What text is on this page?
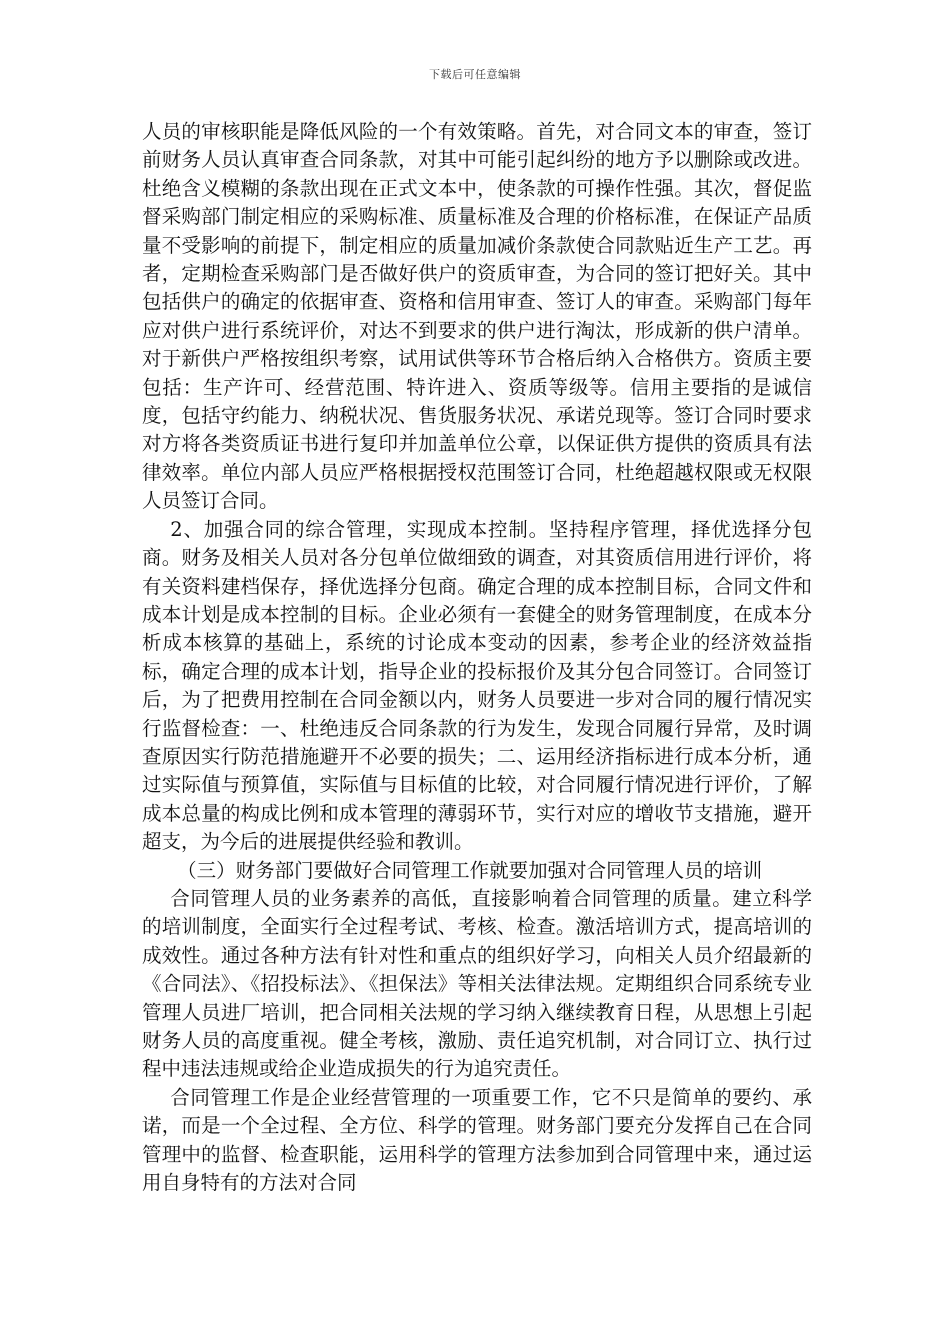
下载后可任意编辑

人员的审核职能是降低风险的一个有效策略。首先，对合同文本的审查，签订前财务人员认真审查合同条款，对其中可能引起纠纷的地方予以删除或改进。杜绝含义模糊的条款出现在正式文本中，使条款的可操作性强。其次，督促监督采购部门制定相应的采购标准、质量标准及合理的价格标准，在保证产品质量不受影响的前提下，制定相应的质量加减价条款使合同款贴近生产工艺。再者，定期检查采购部门是否做好供户的资质审查，为合同的签订把好关。其中包括供户的确定的依据审查、资格和信用审查、签订人的审查。采购部门每年应对供户进行系统评价，对达不到要求的供户进行淘汰，形成新的供户清单。对于新供户严格按组织考察，试用试供等环节合格后纳入合格供方。资质主要包括：生产许可、经营范围、特许进入、资质等级等。信用主要指的是诚信度，包括守约能力、纳税状况、售货服务状况、承诺兑现等。签订合同时要求对方将各类资质证书进行复印并加盖单位公章，以保证供方提供的资质具有法律效率。单位内部人员应严格根据授权范围签订合同，杜绝超越权限或无权限人员签订合同。

2、加强合同的综合管理，实现成本控制。坚持程序管理，择优选择分包商。财务及相关人员对各分包单位做细致的调查，对其资质信用进行评价，将有关资料建档保存，择优选择分包商。确定合理的成本控制目标，合同文件和成本计划是成本控制的目标。企业必须有一套健全的财务管理制度，在成本分析成本核算的基础上，系统的讨论成本变动的因素，参考企业的经济效益指标，确定合理的成本计划，指导企业的投标报价及其分包合同签订。合同签订后，为了把费用控制在合同金额以内，财务人员要进一步对合同的履行情况实行监督检查：一、杜绝违反合同条款的行为发生，发现合同履行异常，及时调查原因实行防范措施避开不必要的损失；二、运用经济指标进行成本分析，通过实际值与预算值，实际值与目标值的比较，对合同履行情况进行评价，了解成本总量的构成比例和成本管理的薄弱环节，实行对应的增收节支措施，避开超支，为今后的进展提供经验和教训。

（三）财务部门要做好合同管理工作就要加强对合同管理人员的培训

合同管理人员的业务素养的高低，直接影响着合同管理的质量。建立科学的培训制度，全面实行全过程考试、考核、检查。激活培训方式，提高培训的成效性。通过各种方法有针对性和重点的组织好学习，向相关人员介绍最新的《合同法》、《招投标法》、《担保法》等相关法律法规。定期组织合同系统专业管理人员进厂培训，把合同相关法规的学习纳入继续教育日程，从思想上引起财务人员的高度重视。健全考核，激励、责任追究机制，对合同订立、执行过程中违法违规或给企业造成损失的行为追究责任。

合同管理工作是企业经营管理的一项重要工作，它不只是简单的要约、承诺，而是一个全过程、全方位、科学的管理。财务部门要充分发挥自己在合同管理中的监督、检查职能，运用科学的管理方法参加到合同管理中来，通过运用自身特有的方法对合同
